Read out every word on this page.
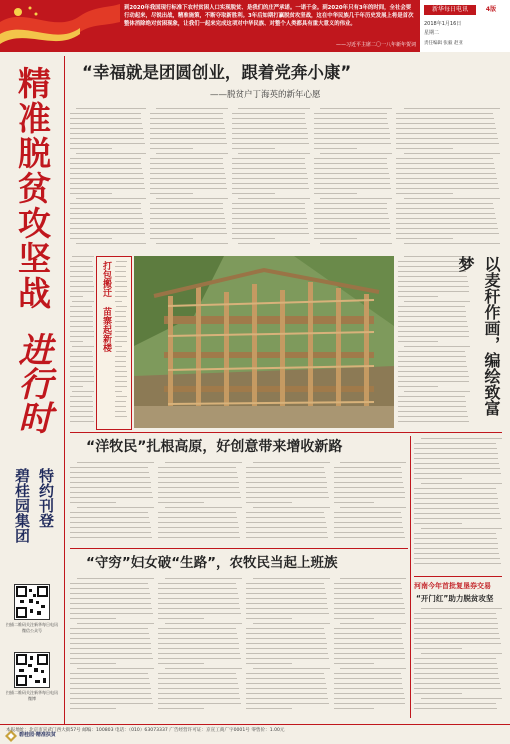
到2020年我国现行标准下农村贫困人口实现脱贫、是我们的庄严承诺。一诺千金。到2020年只有3年的时间，全社会要行动起来，尽锐出战，精准施策，不断夺取新胜利。3年后如期打赢脱贫攻坚战，这在中华民族几千年历史发展上将是首次整体消除绝对贫困现象，让我们一起来完成这项对中华民族、对整个人类都具有重大意义的伟业。
——习近平主席二〇一八年新年贺词
新华每日电讯	4版
2018年1月16日
星期二
责任编辑 张毅 赵亚
精准脱贫攻坚战
进行时
特约刊登
碧桂园集团
扫描二维码关注新华每日电讯微信公众号
扫描二维码关注新华每日电讯微博
碧桂园·精准扶贫
“幸福就是团圆创业，跟着党奔小康”
——脱贫户丁海英的新年心愿
打包搬迁 苗寨起新楼	以麦秆作画，编绘致富梦
“洋牧民”扎根高原，好创意带来增收新路
“守穷”妇女破“生路”，农牧民当起上班族
河南今年首批复垦券交易
“开门红”助力脱贫攻坚
本报地址：北京市宣武门西大街57号 邮编：100803 电话：（010）63073337 广告经营许可证：京宣工商广字0001号 零售价：1.00元
